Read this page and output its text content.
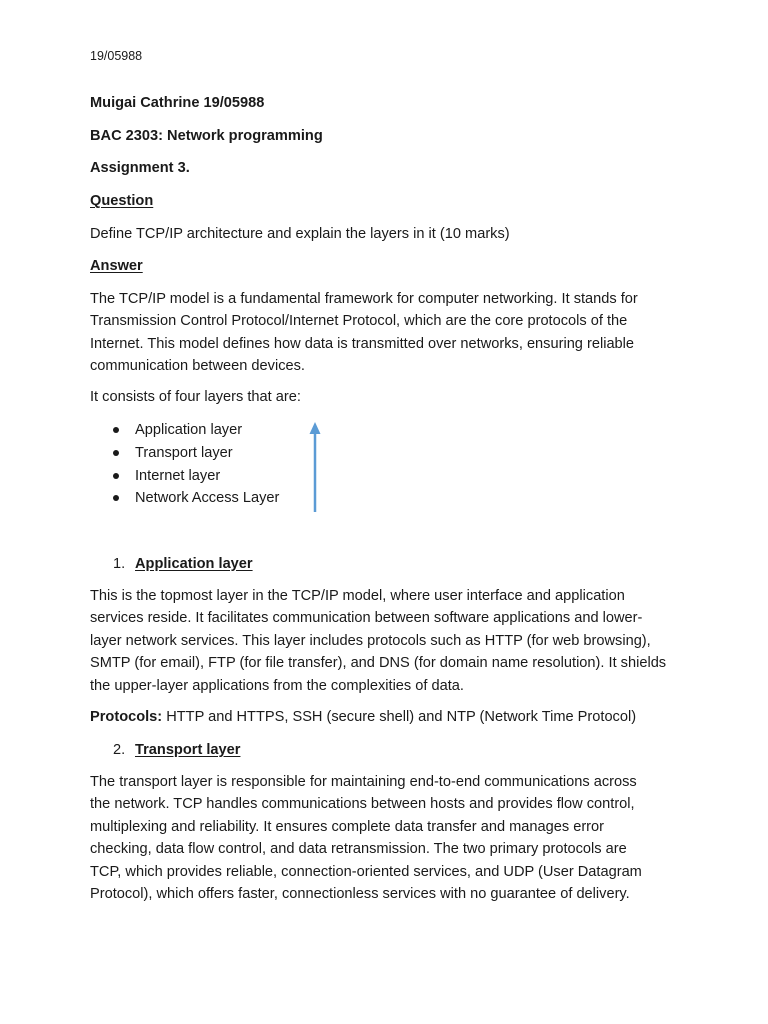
19/05988
Muigai Cathrine 19/05988
BAC 2303: Network programming
Assignment 3.
Question
Define TCP/IP architecture and explain the layers in it (10 marks)
Answer
The TCP/IP model is a fundamental framework for computer networking. It stands for
Transmission Control Protocol/Internet Protocol, which are the core protocols of the
Internet. This model defines how data is transmitted over networks, ensuring reliable
communication between devices.
It consists of four layers that are:
Application layer
Transport layer
Internet layer
Network Access Layer
1. Application layer
This is the topmost layer in the TCP/IP model, where user interface and application
services reside. It facilitates communication between software applications and lower-
layer network services. This layer includes protocols such as HTTP (for web browsing),
SMTP (for email), FTP (for file transfer), and DNS (for domain name resolution). It shields
the upper-layer applications from the complexities of data.
Protocols: HTTP and HTTPS, SSH (secure shell) and NTP (Network Time Protocol)
2. Transport layer
The transport layer is responsible for maintaining end-to-end communications across
the network. TCP handles communications between hosts and provides flow control,
multiplexing and reliability. It ensures complete data transfer and manages error
checking, data flow control, and data retransmission. The two primary protocols are
TCP, which provides reliable, connection-oriented services, and UDP (User Datagram
Protocol), which offers faster, connectionless services with no guarantee of delivery.
